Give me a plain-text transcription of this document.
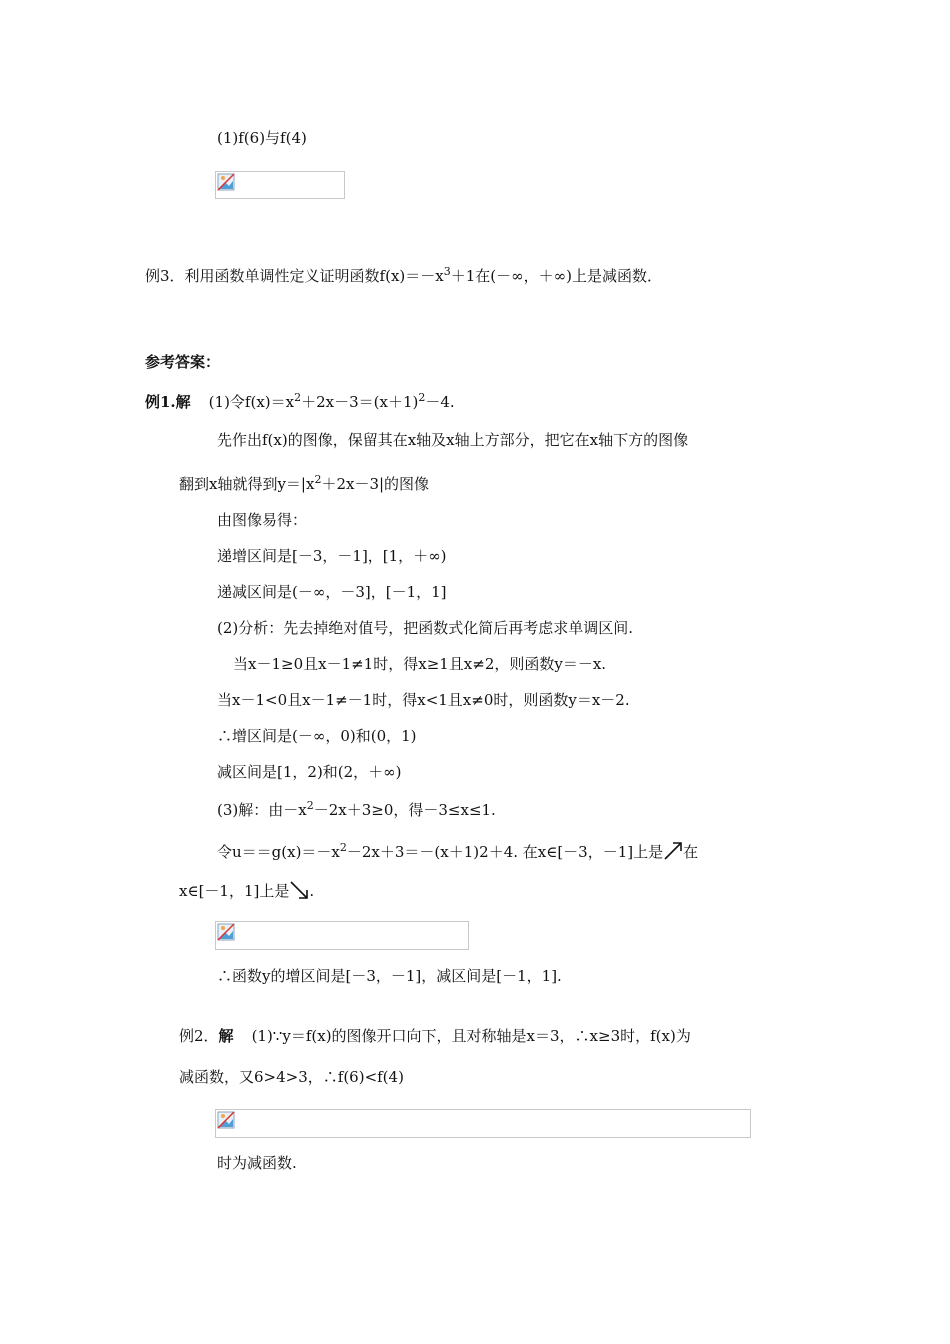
(1)f(6)与f(4)
例3．利用函数单调性定义证明函数$f(x)=-x^3+1$在(－∞，＋∞)上是减函数．
参考答案：
例1.解 (1)令$f(x)=x^2+2x-3=(x+1)^2-4$.
先作出f(x)的图像，保留其在x轴及x轴上方部分，把它在x轴下方的图像
翻到x轴就得到$y=|x^2+2x-3|$的图像
由图像易得：
递增区间是[－3，－1]，[1，＋∞)
递减区间是(－∞，－3]，[－1，1]
(2)分析：先去掉绝对值号，把函数式化简后再考虑求单调区间.
当x－1≥0且x－1≠1时，得x≥1且x≠2，则函数y＝－x.
当x－1<0且x－1≠－1时，得x<1且x≠0时，则函数y＝x－2.
∴增区间是(－∞，0)和(0，1)
减区间是[1，2)和(2，＋∞)
(3)解：由$-x^2-2x+3\ge 0$，得－3≤x≤1.
令$u==g(x)=-x^2-2x+3=-(x+1)2+4$. 在x∈[－3，－1]上是 在
x∈[－1，1]上是 .
∴函数y的增区间是[－3，－1]，减区间是[－1，1].
例2．解 (1)∵y＝f(x)的图像开口向下，且对称轴是x＝3，∴x≥3时，f(x)为
减函数，又6>4>3，∴f(6)<f(4)
时为减函数.
